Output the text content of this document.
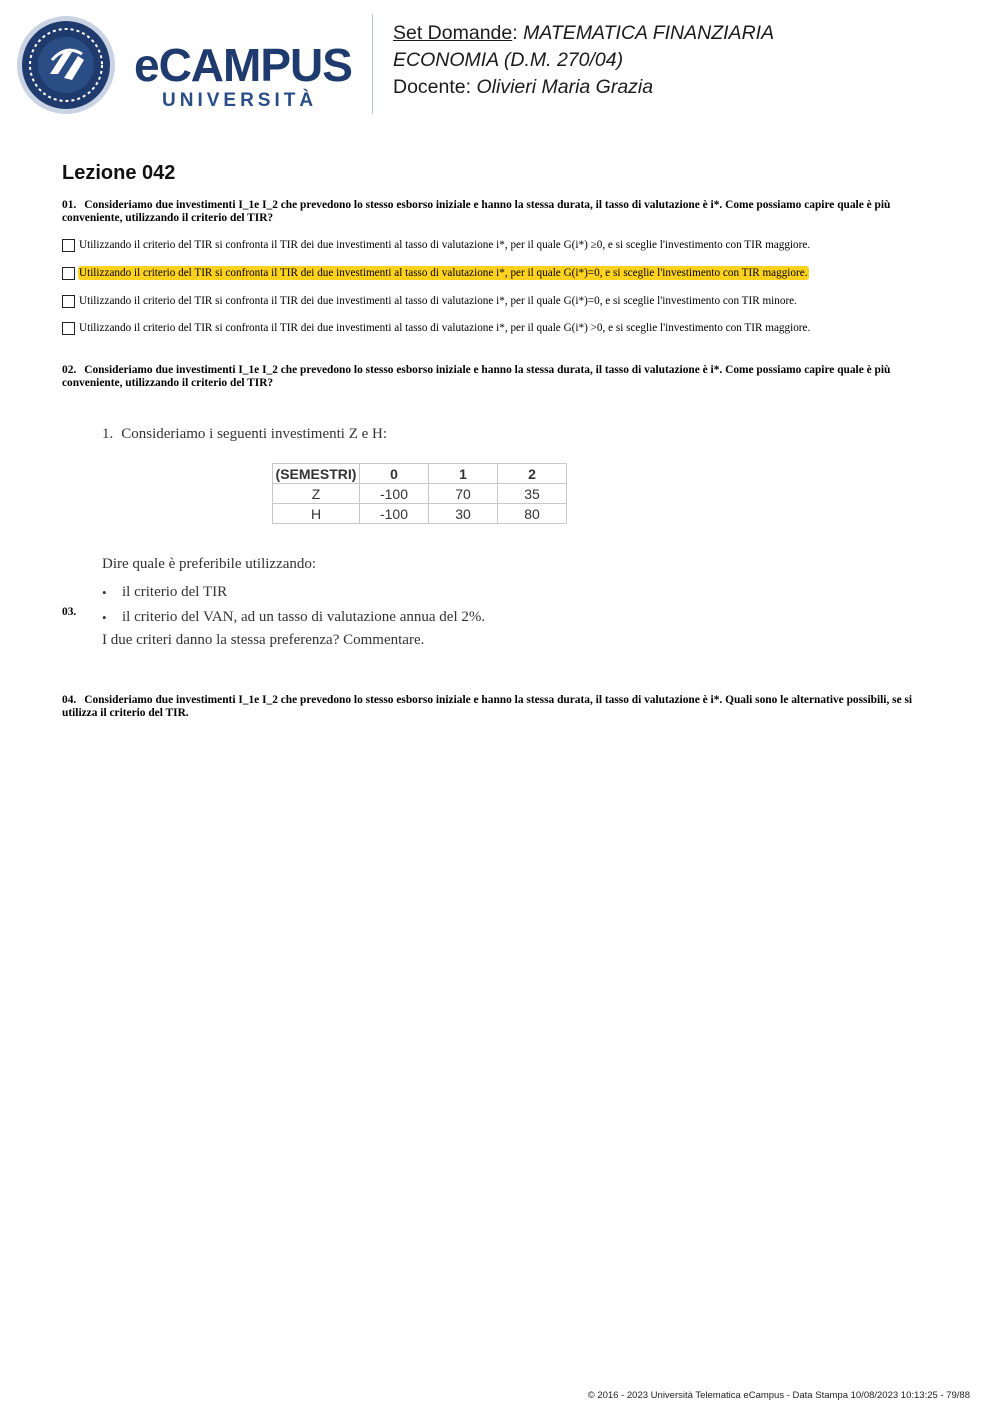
eCAMPUS
UNIVERSITÀ
Set Domande: MATEMATICA FINANZIARIA
ECONOMIA (D.M. 270/04)
Docente: Olivieri Maria Grazia
Lezione 042

01. Consideriamo due investimenti I_1e I_2 che prevedono lo stesso esborso iniziale e hanno la stessa durata, il tasso di valutazione è i*. Come possiamo capire quale è più conveniente, utilizzando il criterio del TIR?

Utilizzando il criterio del TIR si confronta il TIR dei due investimenti al tasso di valutazione i*, per il quale G(i*) ≥0, e si sceglie l'investimento con TIR maggiore.
Utilizzando il criterio del TIR si confronta il TIR dei due investimenti al tasso di valutazione i*, per il quale G(i*)=0, e si sceglie l'investimento con TIR maggiore.
Utilizzando il criterio del TIR si confronta il TIR dei due investimenti al tasso di valutazione i*, per il quale G(i*)=0, e si sceglie l'investimento con TIR minore.
Utilizzando il criterio del TIR si confronta il TIR dei due investimenti al tasso di valutazione i*, per il quale G(i*) >0, e si sceglie l'investimento con TIR maggiore.

02. Consideriamo due investimenti I_1e I_2 che prevedono lo stesso esborso iniziale e hanno la stessa durata, il tasso di valutazione è i*. Come possiamo capire quale è più conveniente, utilizzando il criterio del TIR?

03.
1. Consideriamo i seguenti investimenti Z e H:
(SEMESTRI)	0	1	2
Z	-100	70	35
H	-100	30	80
Dire quale è preferibile utilizzando:
•	il criterio del TIR
•	il criterio del VAN, ad un tasso di valutazione annua del 2%.
I due criteri danno la stessa preferenza? Commentare.

04. Consideriamo due investimenti I_1e I_2 che prevedono lo stesso esborso iniziale e hanno la stessa durata, il tasso di valutazione è i*. Quali sono le alternative possibili, se si utilizza il criterio del TIR.

© 2016 - 2023 Università Telematica eCampus - Data Stampa 10/08/2023 10:13:25 - 79/88
